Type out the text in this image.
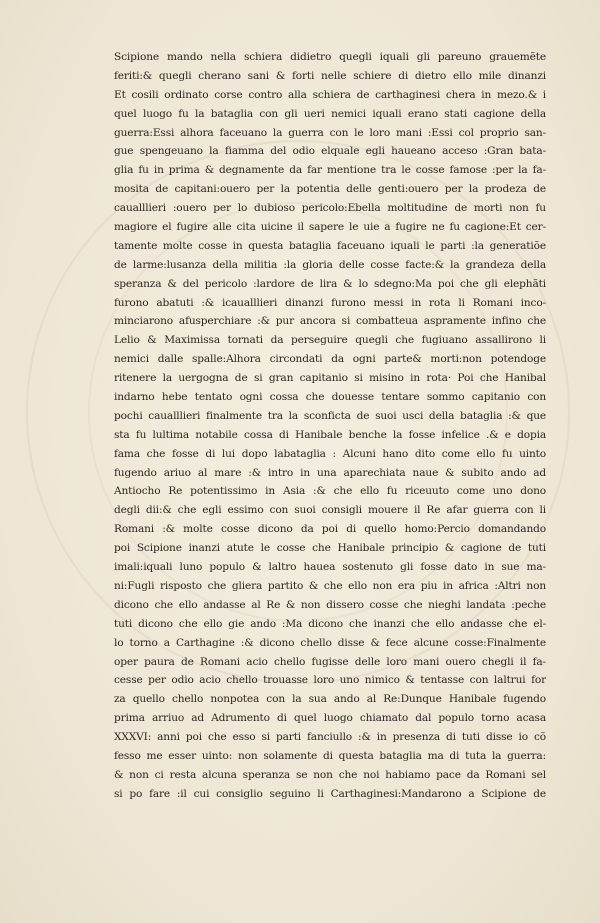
Scipione mando nella schiera didietro quegli iquali gli pareuno grauemẽte
feriti:& quegli cherano sani & forti nelle schiere di dietro ello mile dinanzi
Et cosili ordinato corse contro alla schiera de carthaginesi chera in mezo.& i
quel luogo fu la bataglia con gli ueri nemici iquali erano stati cagione della
guerra:Essi alhora faceuano la guerra con le loro mani :Essi col proprio san-
gue spengeuano la fiamma del odio elquale egli haueano acceso :Gran bata-
glia fu in prima & degnamente da far mentione tra le cosse famose :per la fa-
mosita de capitani:ouero per la potentia delle genti:ouero per la prodeza de
caualllieri :ouero per lo dubioso pericolo:Ebella moltitudine de morti non fu
magiore el fugire alle cita uicine il sapere le uie a fugire ne fu cagione:Et cer-
tamente molte cosse in questa bataglia faceuano iquali le parti :la generatiõe
de larme:lusanza della militia :la gloria delle cosse facte:& la grandeza della
speranza & del pericolo :lardore de lira & lo sdegno:Ma poi che gli elephãti
furono abatuti :& icaualllieri dinanzi furono messi in rota li Romani inco-
minciarono afusperchiare :& pur ancora si combatteua aspramente infino che
Lelio & Maximissa tornati da perseguire quegli che fugiuano assallirono li
nemici dalle spalle:Alhora circondati da ogni parte& morti:non potendoge
ritenere la uergogna de si gran capitanio si misino in rota· Poi che Hanibal
indarno hebe tentato ogni cossa che douesse tentare sommo capitanio con
pochi caualllieri finalmente tra la sconficta de suoi usci della bataglia :& que
sta fu lultima notabile cossa di Hanibale benche la fosse infelice .& e dopia
fama che fosse di lui dopo labataglia : Alcuni hano dito come ello fu uinto
fugendo ariuo al mare :& intro in una aparechiata naue & subito ando ad
Antiocho Re potentissimo in Asia :& che ello fu riceuuto come uno dono
degli dii:& che egli essimo con suoi consigli mouere il Re afar guerra con li
Romani :& molte cosse dicono da poi di quello homo:Percio domandando
poi Scipione inanzi atute le cosse che Hanibale principio & cagione de tuti
imali:iquali luno populo & laltro haueа sostenuto gli fosse dato in sue ma-
ni:Fugli risposto che gliera partito & che ello non era piu in africa :Altri non
dicono che ello andasse al Re & non dissero cosse che nieghi landata :peche
tuti dicono che ello gie ando :Ma dicono che inanzi che ello andasse che el-
lo torno a Carthagine :& dicono chello disse & fece alcune cosse:Finalmente
oper paura de Romani acio chello fugisse delle loro mani ouero chegli il fa-
cesse per odio acio chello trouasse loro uno nimico & tentasse con laltrui for
za quello chello nonpotea con la sua ando al Re:Dunque Hanibale fugendo
prima arriuo ad Adrumento di quel luogo chiamato dal populo torno acasa
XXXVI: anni poi che esso si parti fanciullo :& in presenza di tuti disse io cõ
fesso me esser uinto: non solamente di questa bataglia ma di tuta la guerra:
& non ci resta alcuna speranza se non che noi habiamo pace da Romani sel
si po fare :il cui consiglio seguino li Carthaginesi:Mandarono a Scipione de
